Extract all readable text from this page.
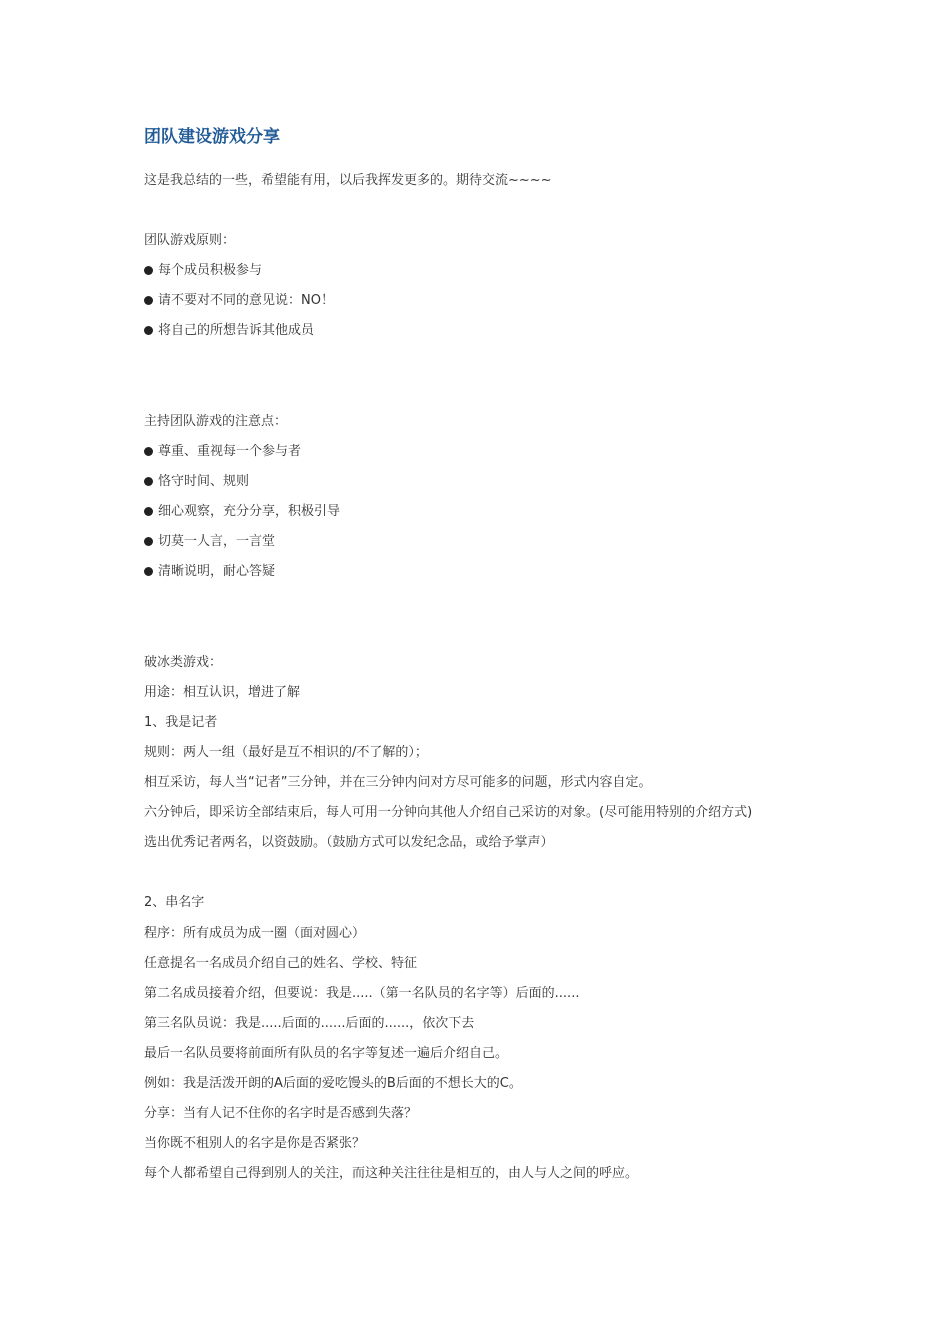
团队建设游戏分享
这是我总结的一些，希望能有用，以后我挥发更多的。期待交流~~~~
团队游戏原则：
每个成员积极参与
请不要对不同的意见说：NO！
将自己的所想告诉其他成员
主持团队游戏的注意点：
尊重、重视每一个参与者
恪守时间、规则
细心观察，充分分享，积极引导
切莫一人言，一言堂
清晰说明，耐心答疑
破冰类游戏：
用途：相互认识，增进了解
1、我是记者
规则：两人一组（最好是互不相识的/不了解的）；
相互采访，每人当“记者”三分钟，并在三分钟内问对方尽可能多的问题，形式内容自定。
六分钟后，即采访全部结束后，每人可用一分钟向其他人介绍自己采访的对象。(尽可能用特别的介绍方式)
选出优秀记者两名，以资鼓励。（鼓励方式可以发纪念品，或给予掌声）
2、串名字
程序：所有成员为成一圈（面对圆心）
任意提名一名成员介绍自己的姓名、学校、特征
第二名成员接着介绍，但要说：我是.....（第一名队员的名字等）后面的......
第三名队员说：我是.....后面的......后面的......，依次下去
最后一名队员要将前面所有队员的名字等复述一遍后介绍自己。
例如：我是活泼开朗的A后面的爱吃馒头的B后面的不想长大的C。
分享：当有人记不住你的名字时是否感到失落？
当你既不租别人的名字是你是否紧张？
每个人都希望自己得到别人的关注，而这种关注往往是相互的，由人与人之间的呼应。
